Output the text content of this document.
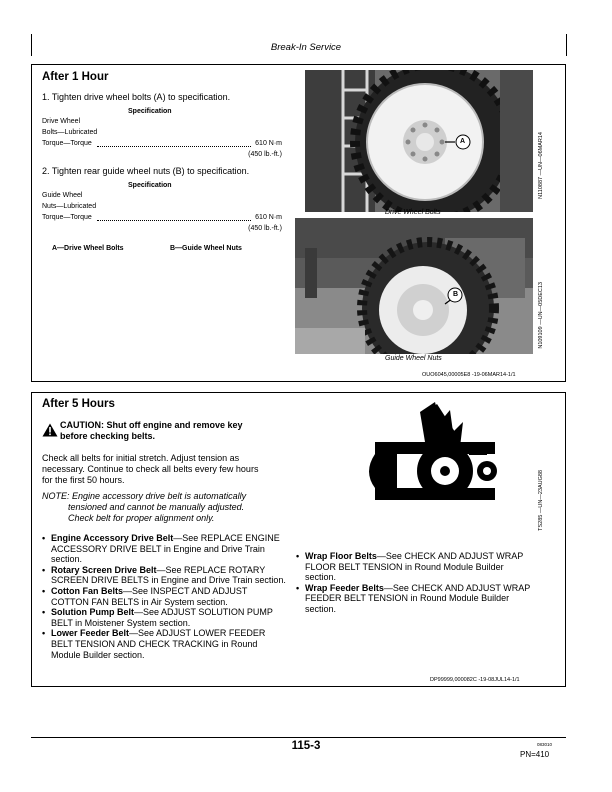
Break-In Service
After 1 Hour
1. Tighten drive wheel bolts (A) to specification.
Specification
Drive Wheel
Bolts—Lubricated
Torque—Torque	610 N·m
(450 lb.-ft.)
2. Tighten rear guide wheel nuts (B) to specification.
Specification
Guide Wheel
Nuts—Lubricated
Torque—Torque	610 N·m
(450 lb.-ft.)
A—Drive Wheel Bolts	B—Guide Wheel Nuts
A
Drive Wheel Bolts
N110887 —UN—06MAR14
B
Guide Wheel Nuts
N109109 —UN—05DEC13
OUO6045,00005E8 -19-06MAR14-1/1
After 5 Hours
CAUTION: Shut off engine and remove key
before checking belts.
Check all belts for initial stretch. Adjust tension as
necessary. Continue to check all belts every few hours
for the first 50 hours.
NOTE: Engine accessory drive belt is automatically
tensioned and cannot be manually adjusted.
Check belt for proper alignment only.	TS285 —UN—23AUG88
• Engine Accessory Drive Belt—See REPLACE ENGINE ACCESSORY DRIVE BELT in Engine and Drive Train section.
• Rotary Screen Drive Belt—See REPLACE ROTARY SCREEN DRIVE BELTS in Engine and Drive Train section.
• Cotton Fan Belts—See INSPECT AND ADJUST COTTON FAN BELTS in Air System section.
• Solution Pump Belt—See ADJUST SOLUTION PUMP BELT in Moistener System section.
• Lower Feeder Belt—See ADJUST LOWER FEEDER BELT TENSION AND CHECK TRACKING in Round Module Builder section.
• Wrap Floor Belts—See CHECK AND ADJUST WRAP FLOOR BELT TENSION in Round Module Builder section.
• Wrap Feeder Belts—See CHECK AND ADJUST WRAP FEEDER BELT TENSION in Round Module Builder section.
DP99999,000082C -19-08JUL14-1/1
115-3	083010
PN=410
